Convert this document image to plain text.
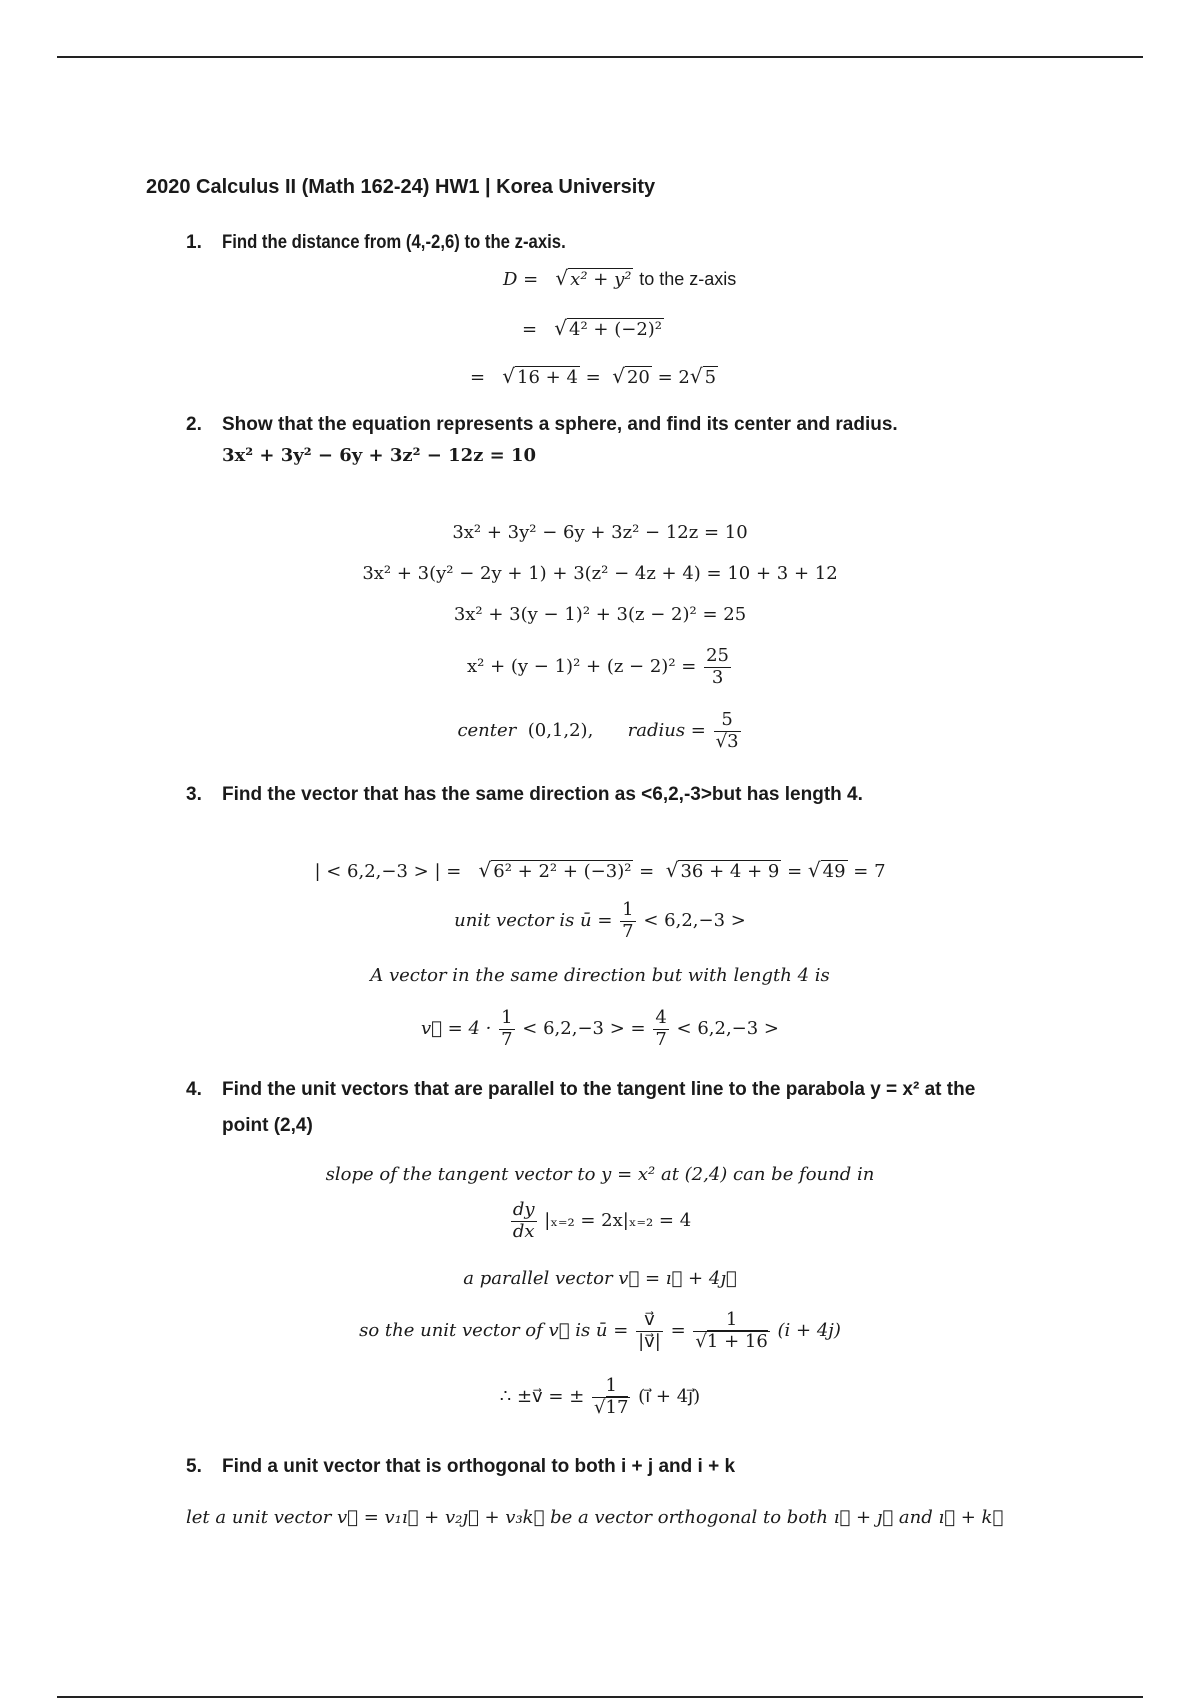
2020 Calculus II (Math 162-24) HW1 | Korea University
1. Find the distance from (4,-2,6) to the z-axis.
D = √ x² + y² to the z-axis
= √ 4² + (−2)²
= √ 16 + 4 = √ 20 = 2√ 5
2. Show that the equation represents a sphere, and find its center and radius.
3x² + 3y² − 6y + 3z² − 12z = 10
3x² + 3y² − 6y + 3z² − 12z = 10
3x² + 3(y² − 2y + 1) + 3(z² − 4z + 4) = 10 + 3 + 12
3x² + 3(y − 1)² + 3(z − 2)² = 25
$x^2 + (y - 1)^2 + (z - 2)^2 = \frac{25}{3}$
center (0,1,2), radius = $\frac{5}{√3}$
3. Find the vector that has the same direction as <6,2,-3>but has length 4.
| < 6,2,−3 > | = √ 6² + 2² + (−3)² = √ 36 + 4 + 9 = √ 49 = 7
unit vector is ū = $\frac{1}{7} < 6,2,-3$ >
A vector in the same direction but with length 4 is
v⃗ = $4 \cdot \frac{1}{7} < 6,2,-3$ > = $\frac{4}{7} < 6,2,-3$ >
4. Find the unit vectors that are parallel to the tangent line to the parabola y = x² at the
point (2,4)
slope of the tangent vector to y = x² at (2,4) can be found in
$\frac{dy}{dx} |_{x=2} = 2x|_{x=2} = 4$
a parallel vector v⃗ = ı⃗ + 4ȷ⃗
so the unit vector of v⃗ is ū = $\frac{v⃗}{|v⃗|} = \frac{1}{√1 + 16} (i + 4j)$
∴ ±v⃗ = ± $\frac{1}{√17}$ (ı⃗ + 4ȷ⃗)
5. Find a unit vector that is orthogonal to both i + j and i + k
let a unit vector v⃗ = v₁ı⃗ + v₂ȷ⃗ + v₃k⃗ be a vector orthogonal to both ı⃗ + ȷ⃗ and ı⃗ + k⃗
